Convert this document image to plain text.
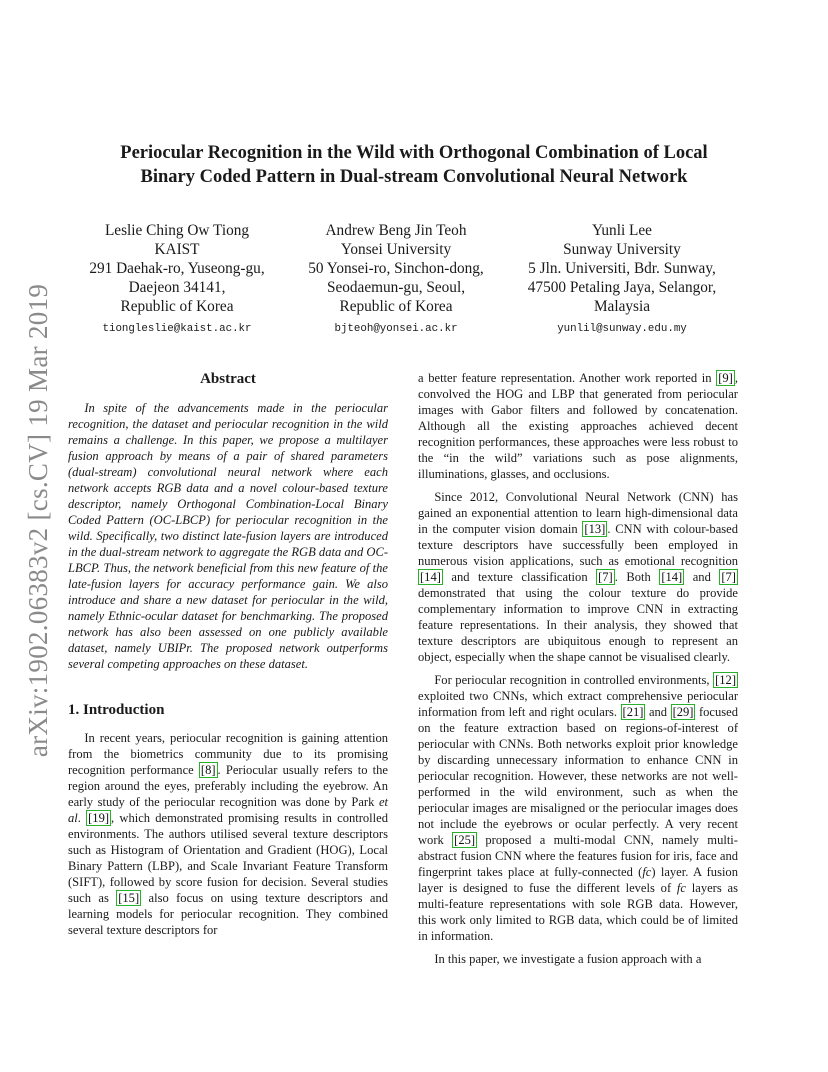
arXiv:1902.06383v2 [cs.CV] 19 Mar 2019
Periocular Recognition in the Wild with Orthogonal Combination of Local
Binary Coded Pattern in Dual-stream Convolutional Neural Network
Leslie Ching Ow Tiong
KAIST
291 Daehak-ro, Yuseong-gu,
Daejeon 34141,
Republic of Korea
tiongleslie@kaist.ac.kr
Andrew Beng Jin Teoh
Yonsei University
50 Yonsei-ro, Sinchon-dong,
Seodaemun-gu, Seoul,
Republic of Korea
bjteoh@yonsei.ac.kr
Yunli Lee
Sunway University
5 Jln. Universiti, Bdr. Sunway,
47500 Petaling Jaya, Selangor,
Malaysia
yunlil@sunway.edu.my
Abstract

In spite of the advancements made in the periocular recognition, the dataset and periocular recognition in the wild remains a challenge. In this paper, we propose a multilayer fusion approach by means of a pair of shared parameters (dual-stream) convolutional neural network where each network accepts RGB data and a novel colour-based texture descriptor, namely Orthogonal Combination-Local Binary Coded Pattern (OC-LBCP) for periocular recognition in the wild. Specifically, two distinct late-fusion layers are introduced in the dual-stream network to aggregate the RGB data and OC-LBCP. Thus, the network beneficial from this new feature of the late-fusion layers for accuracy performance gain. We also introduce and share a new dataset for periocular in the wild, namely Ethnic-ocular dataset for benchmarking. The proposed network has also been assessed on one publicly available dataset, namely UBIPr. The proposed network outperforms several competing approaches on these dataset.

1. Introduction

In recent years, periocular recognition is gaining attention from the biometrics community due to its promising recognition performance [8] . Periocular usually refers to the region around the eyes, preferably including the eyebrow. An early study of the periocular recognition was done by Park et al. [19] , which demonstrated promising results in controlled environments. The authors utilised several texture descriptors such as Histogram of Orientation and Gradient (HOG), Local Binary Pattern (LBP), and Scale Invariant Feature Transform (SIFT), followed by score fusion for decision. Several studies such as [15] also focus on using texture descriptors and learning models for periocular recognition. They combined several texture descriptors for

a better feature representation. Another work reported in [9] , convolved the HOG and LBP that generated from periocular images with Gabor filters and followed by concatenation. Although all the existing approaches achieved decent recognition performances, these approaches were less robust to the “in the wild” variations such as pose alignments, illuminations, glasses, and occlusions.

Since 2012, Convolutional Neural Network (CNN) has gained an exponential attention to learn high-dimensional data in the computer vision domain [13] . CNN with colour-based texture descriptors have successfully been employed in numerous vision applications, such as emotional recognition [14] and texture classification [7] . Both [14] and [7] demonstrated that using the colour texture do provide complementary information to improve CNN in extracting feature representations. In their analysis, they showed that texture descriptors are ubiquitous enough to represent an object, especially when the shape cannot be visualised clearly.

For periocular recognition in controlled environments, [12] exploited two CNNs, which extract comprehensive periocular information from left and right oculars. [21] and [29] focused on the feature extraction based on regions-of-interest of periocular with CNNs. Both networks exploit prior knowledge by discarding unnecessary information to enhance CNN in periocular recognition. However, these networks are not well-performed in the wild environment, such as when the periocular images are misaligned or the periocular images does not include the eyebrows or ocular perfectly. A very recent work [25] proposed a multi-modal CNN, namely multi-abstract fusion CNN where the features fusion for iris, face and fingerprint takes place at fully-connected (fc) layer. A fusion layer is designed to fuse the different levels of fc layers as multi-feature representations with sole RGB data. However, this work only limited to RGB data, which could be of limited in information.

In this paper, we investigate a fusion approach with a
